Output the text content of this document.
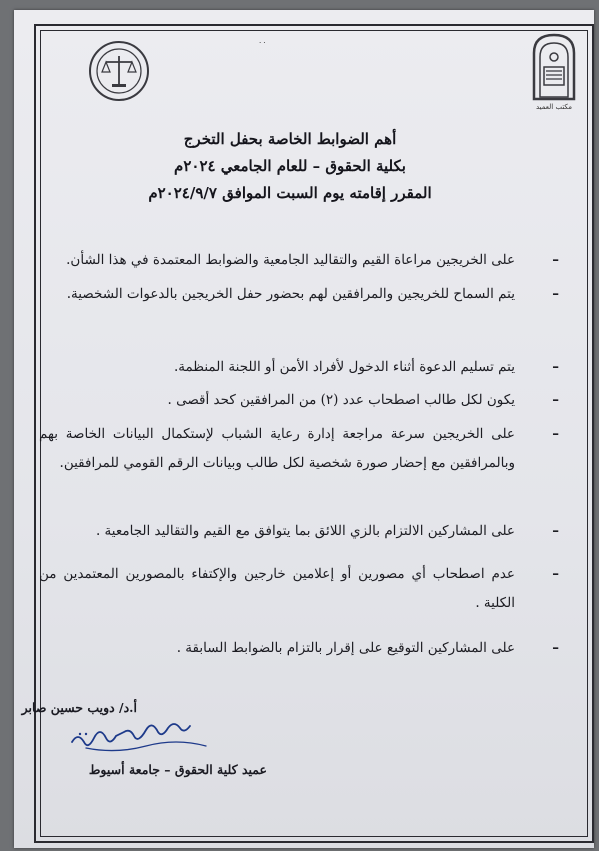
مكتب العميد
٠٠
أهم الضوابط الخاصة بحفل التخرج
بكلية الحقوق – للعام الجامعي ٢٠٢٤م
المقرر إقامته يوم السبت الموافق ٢٠٢٤/٩/٧م
–
على الخريجين مراعاة القيم والتقاليد الجامعية والضوابط المعتمدة في هذا الشأن.
–
يتم السماح للخريجين والمرافقين لهم بحضور حفل الخريجين بالدعوات الشخصية.
–
يتم تسليم الدعوة أثناء الدخول لأفراد الأمن أو اللجنة المنظمة.
–
يكون لكل طالب اصطحاب عدد (٢) من المرافقين كحد أقصى .
–
على الخريجين سرعة مراجعة إدارة رعاية الشباب لإستكمال البيانات الخاصة بهم وبالمرافقين مع إحضار صورة شخصية لكل طالب وبيانات الرقم القومي للمرافقين.
–
على المشاركين الالتزام بالزي اللائق بما يتوافق مع القيم والتقاليد الجامعية .
–
عدم اصطحاب أي مصورين أو إعلامين خارجين والإكتفاء بالمصورين المعتمدين من الكلية .
–
على المشاركين التوقيع على إقرار بالتزام بالضوابط السابقة .
أ.د/ دويب حسين صابر
عميد كلية الحقوق – جامعة أسيوط
